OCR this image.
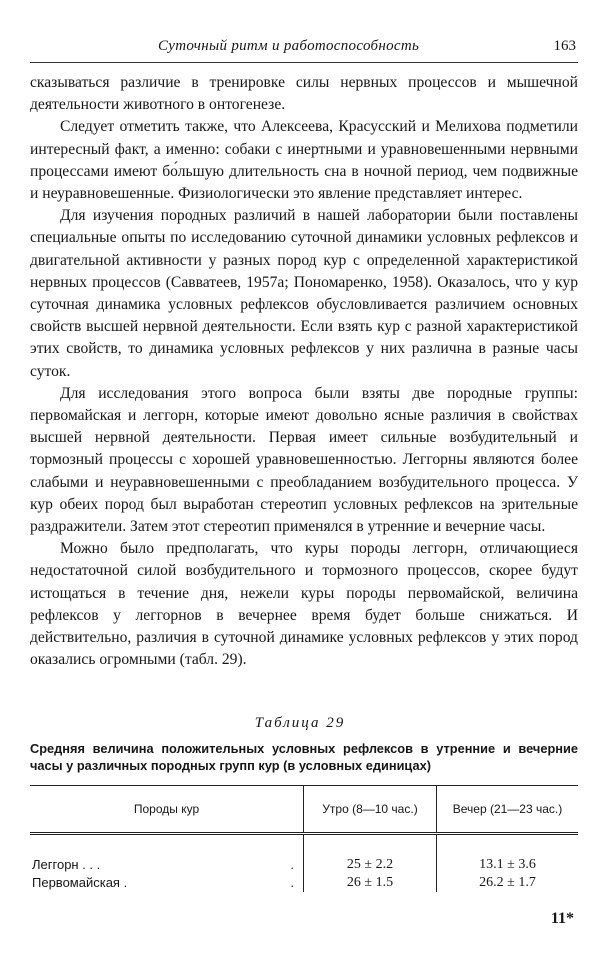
Суточный ритм и работоспособность	163

сказываться различие в тренировке силы нервных процессов и мышечной деятельности животного в онтогенезе.

Следует отметить также, что Алексеева, Красусский и Мелихова подметили интересный факт, а именно: собаки с инертными и уравновешенными нервными процессами имеют бо́льшую длительность сна в ночной период, чем подвижные и неуравновешенные. Физиологически это явление представляет интерес.

Для изучения породных различий в нашей лаборатории были поставлены специальные опыты по исследованию суточной динамики условных рефлексов и двигательной активности у разных пород кур с определенной характеристикой нервных процессов (Савватеев, 1957а; Пономаренко, 1958). Оказалось, что у кур суточная динамика условных рефлексов обусловливается различием основных свойств высшей нервной деятельности. Если взять кур с разной характеристикой этих свойств, то динамика условных рефлексов у них различна в разные часы суток.

Для исследования этого вопроса были взяты две породные группы: первомайская и леггорн, которые имеют довольно ясные различия в свойствах высшей нервной деятельности. Первая имеет сильные возбудительный и тормозный процессы с хорошей уравновешенностью. Леггорны являются более слабыми и неуравновешенными с преобладанием возбудительного процесса. У кур обеих пород был выработан стереотип условных рефлексов на зрительные раздражители. Затем этот стереотип применялся в утренние и вечерние часы.

Можно было предполагать, что куры породы леггорн, отличающиеся недостаточной силой возбудительного и тормозного процессов, скорее будут истощаться в течение дня, нежели куры породы первомайской, величина рефлексов у леггорнов в вечернее время будет больше снижаться. И действительно, различия в суточной динамике условных рефлексов у этих пород оказались огромными (табл. 29).

Таблица 29
Средняя величина положительных условных рефлексов в утренние и вечерние часы у различных породных групп кур (в условных единицах)
Породы кур	Утро (8—10 час.)	Вечер (21—23 час.)
Леггорн . . . .	25 ± 2.2	13.1 ± 3.6
Первомайская . .	26 ± 1.5	26.2 ± 1.7
11*
